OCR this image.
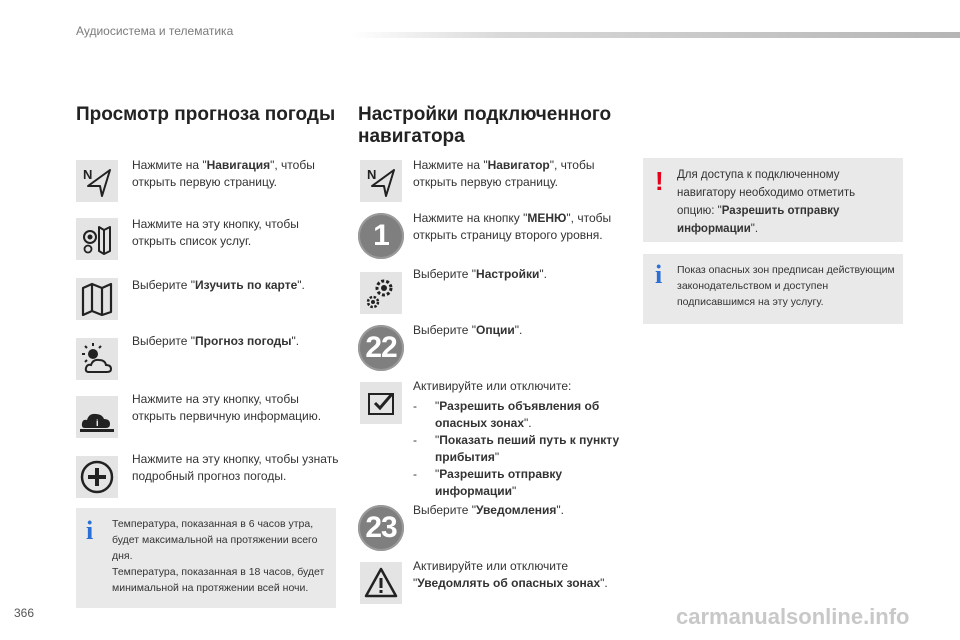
Аудиосистема и телематика
Просмотр прогноза погоды
N
Нажмите на "Навигация", чтобы открыть первую страницу.
Нажмите на эту кнопку, чтобы открыть список услуг.
Выберите "Изучить по карте".
Выберите "Прогноз погоды".
i
Нажмите на эту кнопку, чтобы открыть первичную информацию.
Нажмите на эту кнопку, чтобы узнать подробный прогноз погоды.
i Температура, показанная в 6 часов утра, будет максимальной на протяжении всего дня.
Температура, показанная в 18 часов, будет минимальной на протяжении всей ночи.
Настройки подключенного
навигатора
N
Нажмите на "Навигатор", чтобы открыть первую страницу.
1
Нажмите на кнопку "МЕНЮ", чтобы открыть страницу второго уровня.
Выберите "Настройки".
22
Выберите "Опции".
Активируйте или отключите:
-	"Разрешить объявления об опасных зонах".
-	"Показать пеший путь к пункту прибытия"
-	"Разрешить отправку информации"
23
Выберите "Уведомления".
Активируйте или отключите "Уведомлять об опасных зонах".
! Для доступа к подключенному навигатору необходимо отметить опцию: "Разрешить отправку информации".
i Показ опасных зон предписан действующим законодательством и доступен подписавшимся на эту услугу.
366	carmanualsonline.info
